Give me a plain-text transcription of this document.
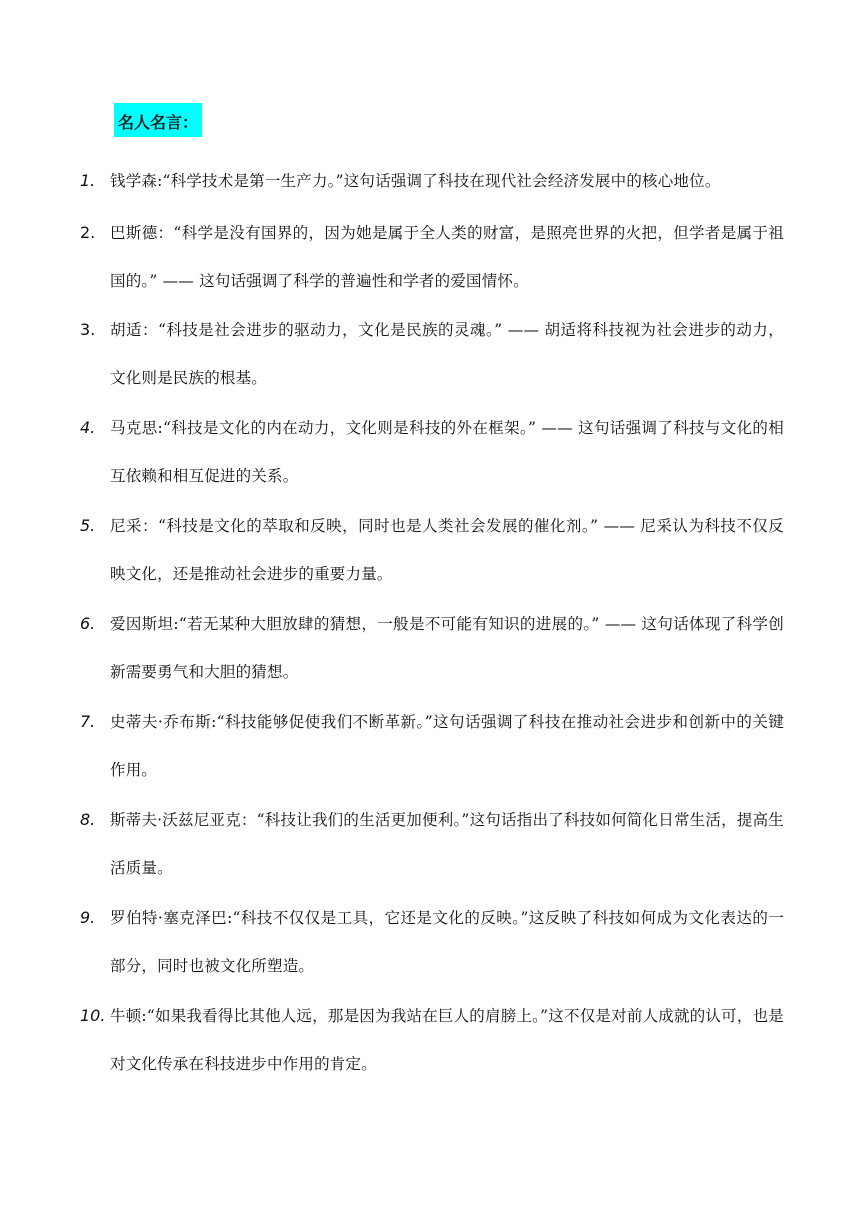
名人名言：
1. 钱学森:“科学技术是第一生产力。”这句话强调了科技在现代社会经济发展中的核心地位。
2. 巴斯德：“科学是没有国界的，因为她是属于全人类的财富，是照亮世界的火把，但学者是属于祖国的。” —— 这句话强调了科学的普遍性和学者的爱国情怀。
3. 胡适：“科技是社会进步的驱动力，文化是民族的灵魂。” —— 胡适将科技视为社会进步的动力，文化则是民族的根基。
4. 马克思:“科技是文化的内在动力，文化则是科技的外在框架。” —— 这句话强调了科技与文化的相互依赖和相互促进的关系。
5. 尼采：“科技是文化的萃取和反映，同时也是人类社会发展的催化剂。” —— 尼采认为科技不仅反映文化，还是推动社会进步的重要力量。
6. 爱因斯坦:“若无某种大胆放肆的猜想，一般是不可能有知识的进展的。” —— 这句话体现了科学创新需要勇气和大胆的猜想。
7. 史蒂夫·乔布斯:“科技能够促使我们不断革新。”这句话强调了科技在推动社会进步和创新中的关键作用。
8. 斯蒂夫·沃兹尼亚克：“科技让我们的生活更加便利。”这句话指出了科技如何简化日常生活，提高生活质量。
9. 罗伯特·塞克泽巴:“科技不仅仅是工具，它还是文化的反映。”这反映了科技如何成为文化表达的一部分，同时也被文化所塑造。
10. 牛顿:“如果我看得比其他人远，那是因为我站在巨人的肩膀上。”这不仅是对前人成就的认可，也是对文化传承在科技进步中作用的肯定。
